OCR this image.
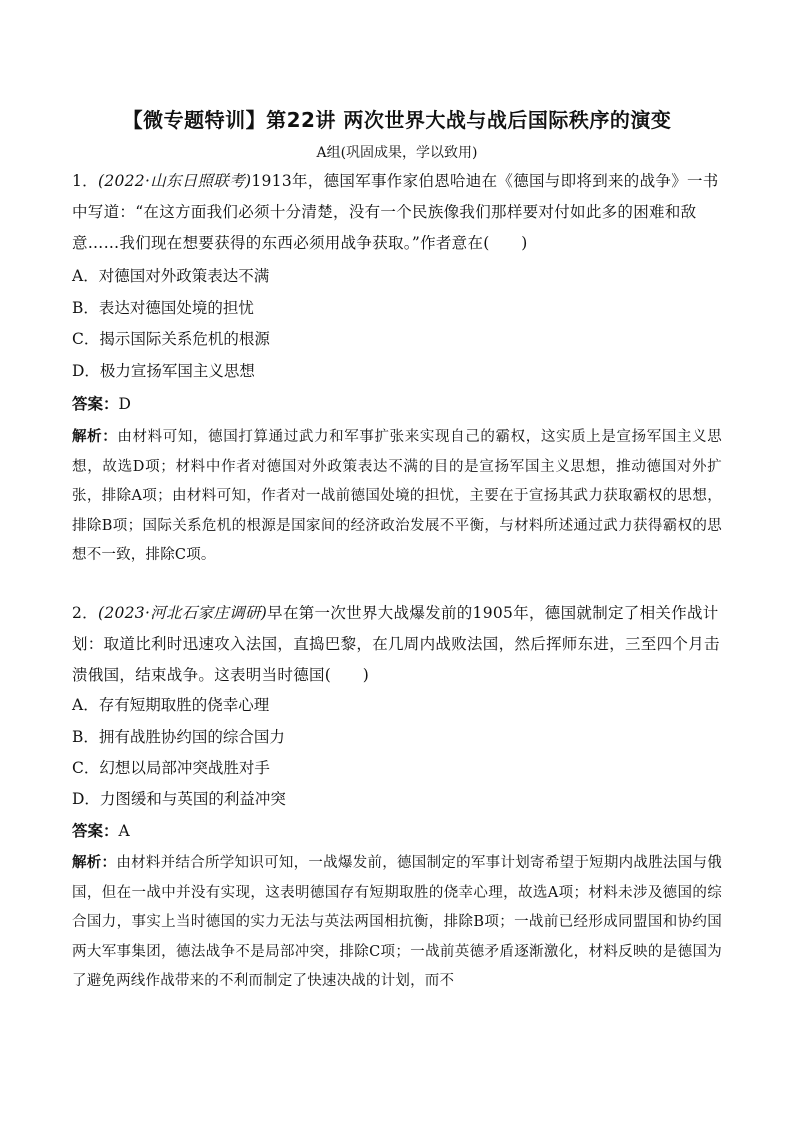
【微专题特训】第22讲 两次世界大战与战后国际秩序的演变
A组(巩固成果，学以致用)
1．(2022·山东日照联考)1913年，德国军事作家伯恩哈迪在《德国与即将到来的战争》一书中写道：“在这方面我们必须十分清楚，没有一个民族像我们那样要对付如此多的困难和敌意……我们现在想要获得的东西必须用战争获取。”作者意在(　　)
A．对德国对外政策表达不满
B．表达对德国处境的担忧
C．揭示国际关系危机的根源
D．极力宣扬军国主义思想
答案：D
解析：由材料可知，德国打算通过武力和军事扩张来实现自己的霸权，这实质上是宣扬军国主义思想，故选D项；材料中作者对德国对外政策表达不满的目的是宣扬军国主义思想，推动德国对外扩张，排除A项；由材料可知，作者对一战前德国处境的担忧，主要在于宣扬其武力获取霸权的思想，排除B项；国际关系危机的根源是国家间的经济政治发展不平衡，与材料所述通过武力获得霸权的思想不一致，排除C项。
2．(2023·河北石家庄调研)早在第一次世界大战爆发前的1905年，德国就制定了相关作战计划：取道比利时迅速攻入法国，直捣巴黎，在几周内战败法国，然后挥师东进，三至四个月击溃俄国，结束战争。这表明当时德国(　　)
A．存有短期取胜的侥幸心理
B．拥有战胜协约国的综合国力
C．幻想以局部冲突战胜对手
D．力图缓和与英国的利益冲突
答案：A
解析：由材料并结合所学知识可知，一战爆发前，德国制定的军事计划寄希望于短期内战胜法国与俄国，但在一战中并没有实现，这表明德国存有短期取胜的侥幸心理，故选A项；材料未涉及德国的综合国力，事实上当时德国的实力无法与英法两国相抗衡，排除B项；一战前已经形成同盟国和协约国两大军事集团，德法战争不是局部冲突，排除C项；一战前英德矛盾逐渐激化，材料反映的是德国为了避免两线作战带来的不利而制定了快速决战的计划，而不
